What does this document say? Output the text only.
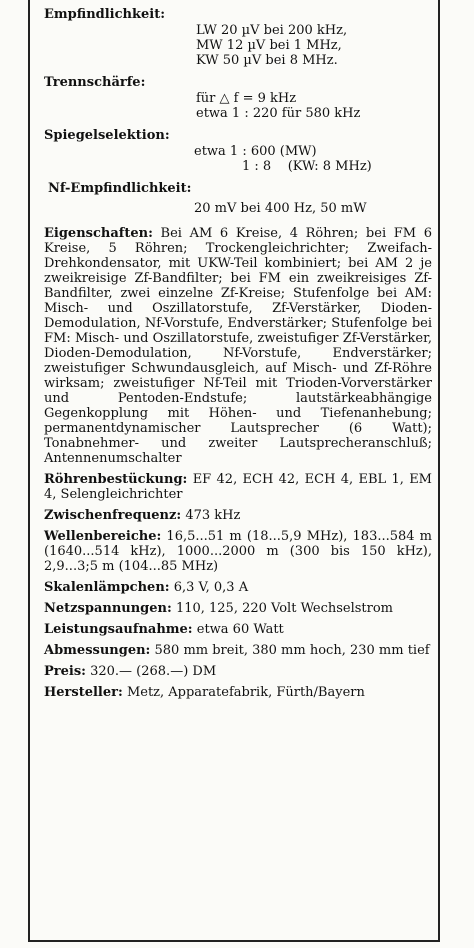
Empfindlichkeit:

LW 20 µV bei 200 kHz,
MW 12 µV bei 1 MHz,
KW 50 µV bei 8 MHz.

Trennschärfe:

für △ f = 9 kHz
etwa 1 : 220 für 580 kHz

Spiegelselektion:

etwa 1 : 600 (MW)
1 : 8    (KW: 8 MHz)

Nf-Empfindlichkeit:

20 mV bei 400 Hz, 50 mW

Eigenschaften: Bei AM 6 Kreise, 4 Röhren; bei FM 6 Kreise, 5 Röhren; Trockengleichrichter; Zweifach-Drehkondensator, mit UKW-Teil kombiniert; bei AM 2 je zweikreisige Zf-Bandfilter; bei FM ein zweikreisiges Zf-Bandfilter, zwei einzelne Zf-Kreise; Stufenfolge bei AM: Misch- und Oszillatorstufe, Zf-Verstärker, Dioden-Demodulation, Nf-Vorstufe, Endverstärker; Stufenfolge bei FM: Misch- und Oszillatorstufe, zweistufiger Zf-Verstärker, Dioden-Demodulation, Nf-Vorstufe, Endverstärker; zweistufiger Schwundausgleich, auf Misch- und Zf-Röhre wirksam; zweistufiger Nf-Teil mit Trioden-Vorverstärker und Pentoden-Endstufe; lautstärkeabhängige Gegenkopplung mit Höhen- und Tiefenanhebung; permanentdynamischer Lautsprecher (6 Watt); Tonabnehmer- und zweiter Lautsprecheranschluß; Antennenumschalter

Röhrenbestückung: EF 42, ECH 42, ECH 4, EBL 1, EM 4, Selengleichrichter

Zwischenfrequenz: 473 kHz

Wellenbereiche: 16,5...51 m (18...5,9 MHz), 183...584 m (1640...514 kHz), 1000...2000 m (300 bis 150 kHz), 2,9...3;5 m (104...85 MHz)

Skalenlämpchen: 6,3 V, 0,3 A

Netzspannungen: 110, 125, 220 Volt Wechselstrom

Leistungsaufnahme: etwa 60 Watt

Abmessungen: 580 mm breit, 380 mm hoch, 230 mm tief

Preis: 320.— (268.—) DM

Hersteller: Metz, Apparatefabrik, Fürth/Bayern
